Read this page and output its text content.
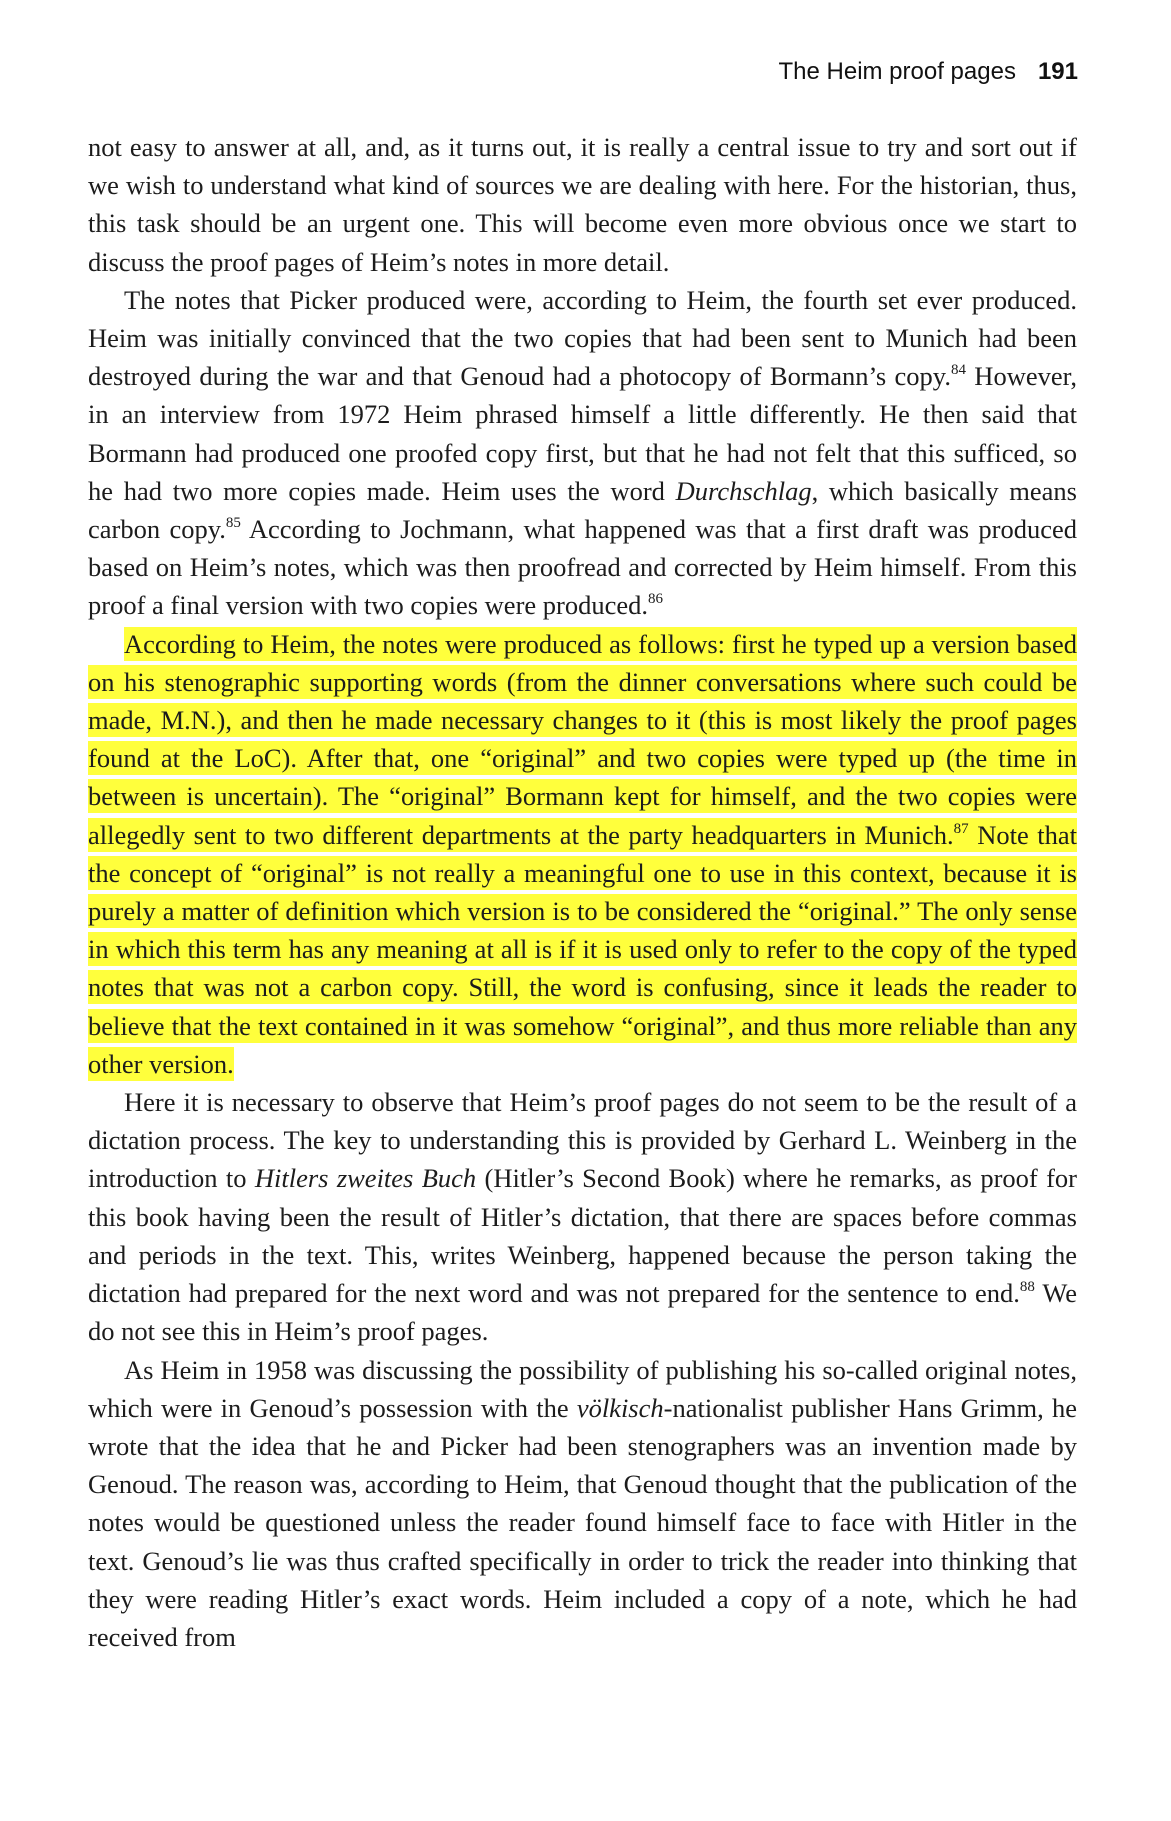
The Heim proof pages 191

not easy to answer at all, and, as it turns out, it is really a central issue to try and sort out if we wish to understand what kind of sources we are dealing with here. For the historian, thus, this task should be an urgent one. This will become even more obvious once we start to discuss the proof pages of Heim’s notes in more detail.

The notes that Picker produced were, according to Heim, the fourth set ever produced. Heim was initially convinced that the two copies that had been sent to Munich had been destroyed during the war and that Genoud had a photocopy of Bormann’s copy.$^{84}$ However, in an interview from 1972 Heim phrased himself a little differently. He then said that Bormann had produced one proofed copy first, but that he had not felt that this sufficed, so he had two more copies made. Heim uses the word Durchschlag, which basically means carbon copy.$^{85}$ According to Jochmann, what happened was that a first draft was produced based on Heim’s notes, which was then proofread and corrected by Heim himself. From this proof a final version with two copies were produced.$^{86}$

According to Heim, the notes were produced as follows: first he typed up a version based on his stenographic supporting words (from the dinner conversations where such could be made, M.N.), and then he made necessary changes to it (this is most likely the proof pages found at the LoC). After that, one “original” and two copies were typed up (the time in between is uncertain). The “original” Bormann kept for himself, and the two copies were allegedly sent to two different departments at the party headquarters in Munich.$^{87}$ Note that the concept of “original” is not really a meaningful one to use in this context, because it is purely a matter of definition which version is to be considered the “original.” The only sense in which this term has any meaning at all is if it is used only to refer to the copy of the typed notes that was not a carbon copy. Still, the word is confusing, since it leads the reader to believe that the text contained in it was somehow “original”, and thus more reliable than any other version.

Here it is necessary to observe that Heim’s proof pages do not seem to be the result of a dictation process. The key to understanding this is provided by Gerhard L. Weinberg in the introduction to Hitlers zweites Buch (Hitler’s Second Book) where he remarks, as proof for this book having been the result of Hitler’s dictation, that there are spaces before commas and periods in the text. This, writes Weinberg, happened because the person taking the dictation had prepared for the next word and was not prepared for the sentence to end.$^{88}$ We do not see this in Heim’s proof pages.

As Heim in 1958 was discussing the possibility of publishing his so-called original notes, which were in Genoud’s possession with the völkisch-nationalist publisher Hans Grimm, he wrote that the idea that he and Picker had been stenographers was an invention made by Genoud. The reason was, according to Heim, that Genoud thought that the publication of the notes would be questioned unless the reader found himself face to face with Hitler in the text. Genoud’s lie was thus crafted specifically in order to trick the reader into thinking that they were reading Hitler’s exact words. Heim included a copy of a note, which he had received from
